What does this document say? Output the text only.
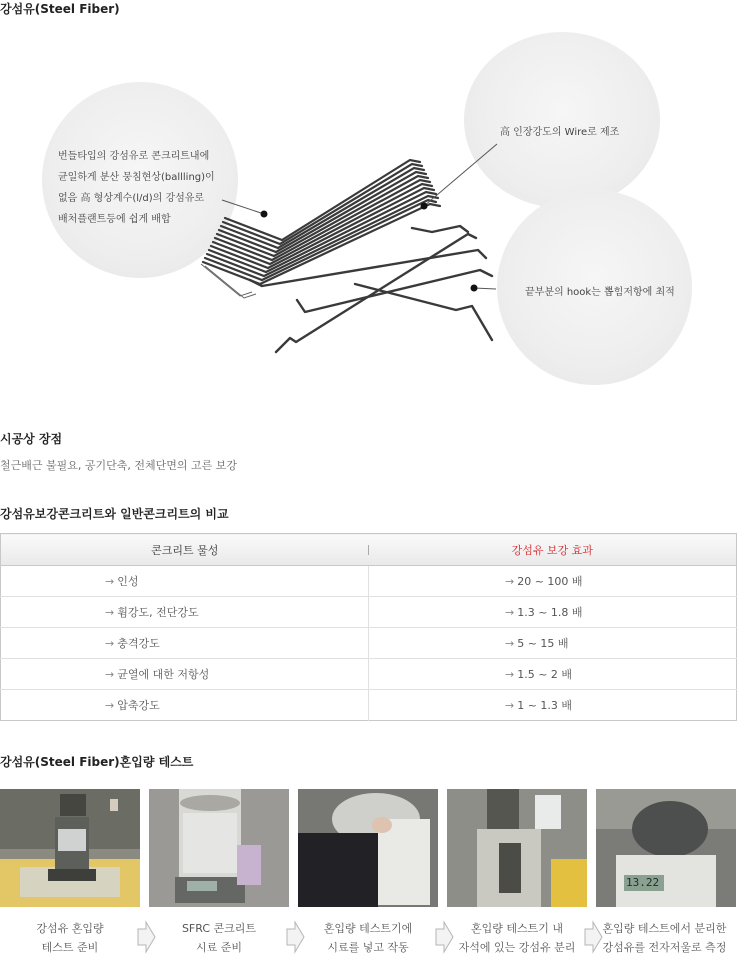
강섬유(Steel Fiber)
번들타입의 강섬유로 콘크리트내에
균일하게 분산 뭉침현상(ballling)이
없음 高 형상계수(l/d)의 강섬유로
배처플랜트등에 쉽게 배합
高 인장강도의 Wire로 제조
끝부분의 hook는 뽑힘저항에 최적
시공상 장점
철근배근 불필요, 공기단축, 전체단면의 고른 보강
강섬유보강콘크리트와 일반콘크리트의 비교
콘크리트 물성	강섬유 보강 효과
→ 인성	→ 20 ~ 100 배
→ 휨강도, 전단강도	→ 1.3 ~ 1.8 배
→ 충격강도	→ 5 ~ 15 배
→ 균열에 대한 저항성	→ 1.5 ~ 2 배
→ 압축강도	→ 1 ~ 1.3 배
강섬유(Steel Fiber)혼입량 테스트
13.22
강섬유 혼입량
테스트 준비
SFRC 콘크리트
시료 준비
혼입량 테스트기에
시료를 넣고 작동
혼입량 테스트기 내
자석에 있는 강섬유 분리
혼입량 테스트에서 분리한
강섬유를 전자저울로 측정
